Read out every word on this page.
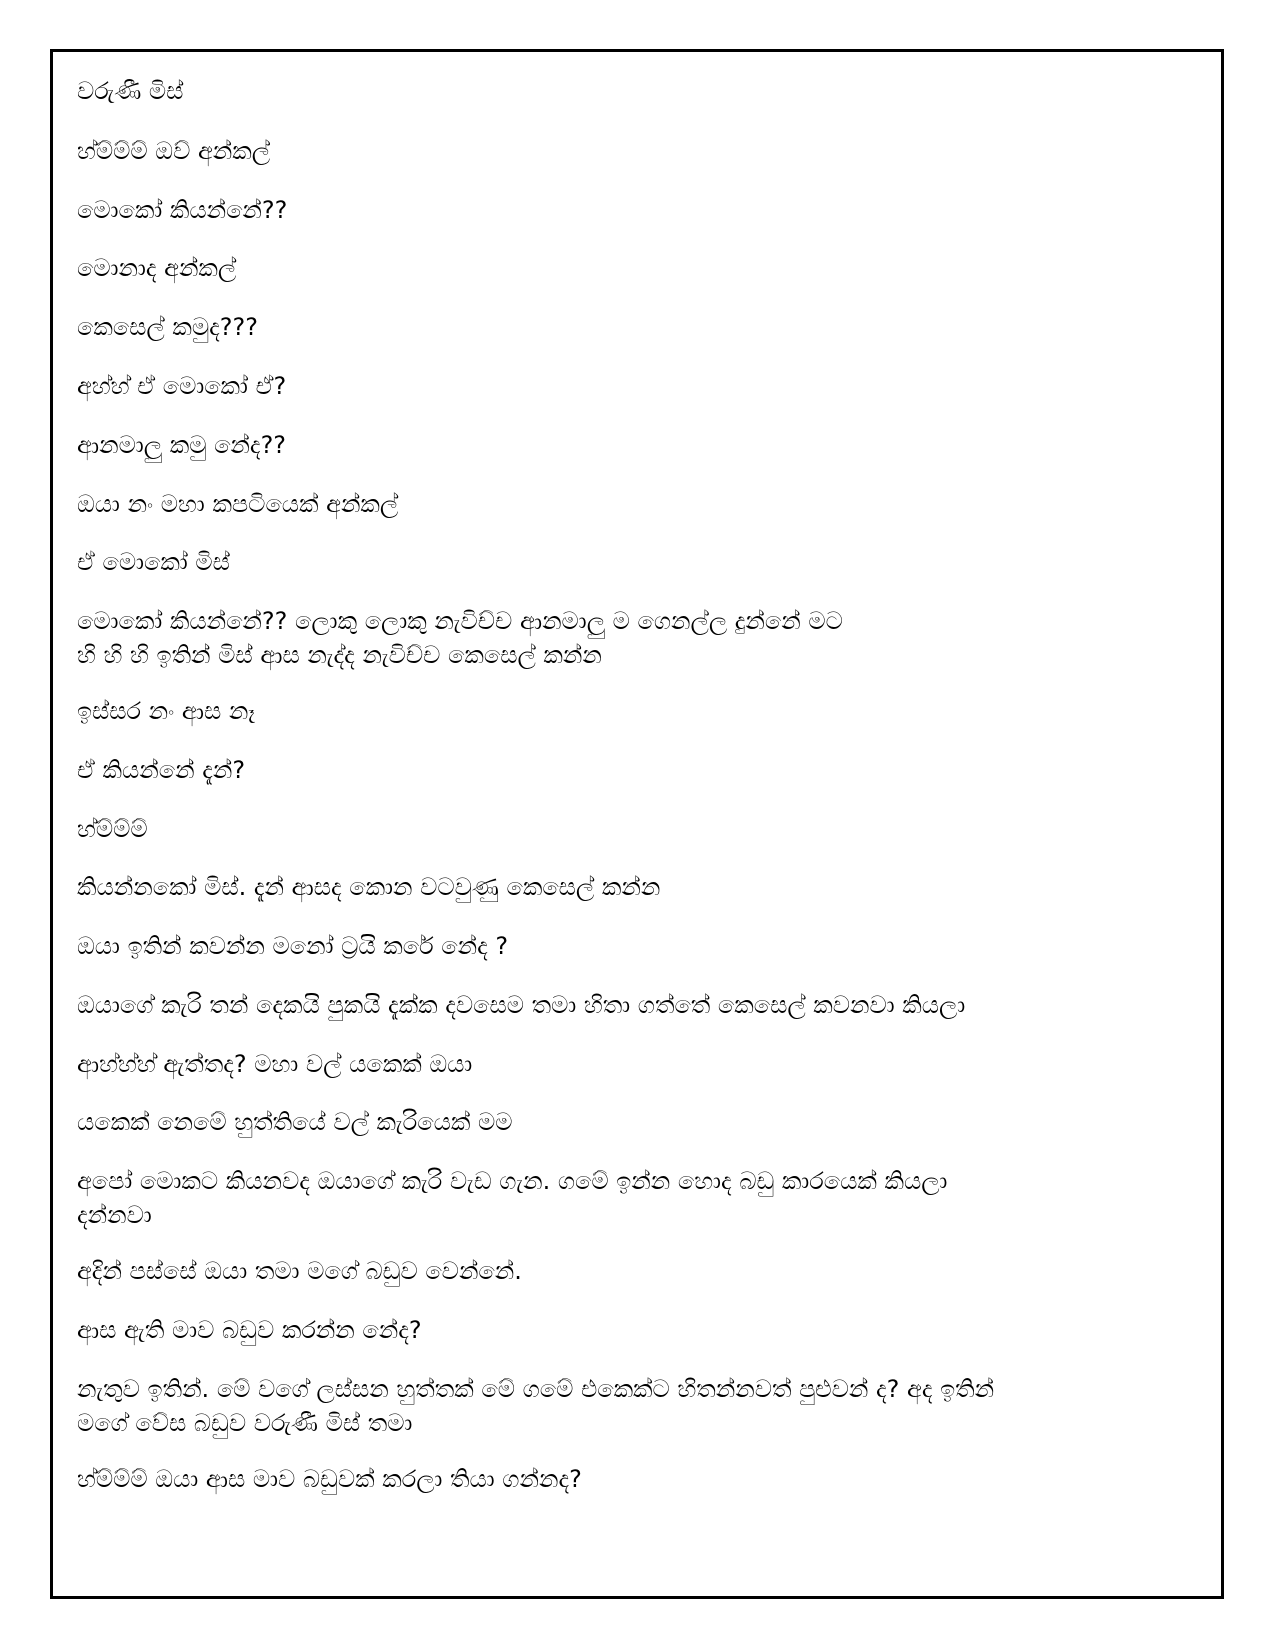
වරුණී මිස්

හ්ම්ම්ම් ඔව් අන්කල්

මොකෝ කියන්නේ??

මොනාද අන්කල්

කෙසෙල් කමුද???

අහ්හ් ඒ මොකෝ ඒ?

ආනමාලු කමු නේද??

ඔයා නං මහා කපටියෙක් අන්කල්

ඒ මොකෝ මිස්

මොකෝ කියන්නේ?? ලොකු ලොකු නැවිච්ච ආනමාලු ම ගෙනල්ල දුන්නේ මට
හි හි හි ඉතින් මිස් ආස නැද්ද නැවිච්ච කෙසෙල් කන්න

ඉස්සර නං ආස නෑ

ඒ කියන්නේ දැන්?

හ්ම්ම්ම්

කියන්නකෝ මිස්. දැන් ආසද කොන වටවුණු කෙසෙල් කන්න

ඔයා ඉතින් කවන්න මනෝ ට්‍රයි කරේ නේද ?

ඔයාගේ කැරි තන් දෙකයි පුකයි දැක්ක දවසෙම තමා හිතා ගත්තේ කෙසෙල් කවනවා කියලා

ආහ්හ්හ් ඇත්තද? මහා වල් යකෙක් ඔයා

යකෙක් නෙමේ හුත්තියේ වල් කැරියෙක් මම

අපෝ මොකට කියනවද ඔයාගේ කැරි වැඩ ගැන. ගමේ ඉන්න හොද බඩු කාරයෙක් කියලා
දන්නවා

අදින් පස්සේ ඔයා තමා මගේ බඩුව වෙන්නේ.

ආස ඇති මාව බඩුව කරන්න නේද?

නැතුව ඉතින්. මේ වගේ ලස්සන හුත්තක් මේ ගමේ එකෙක්ට හිතන්නවත් පුළුවන් ද? අද ඉතින්
මගේ වේස බඩුව වරුණී මිස් තමා

හ්ම්ම්ම් ඔයා ආස මාව බඩුවක් කරලා තියා ගන්නද?
